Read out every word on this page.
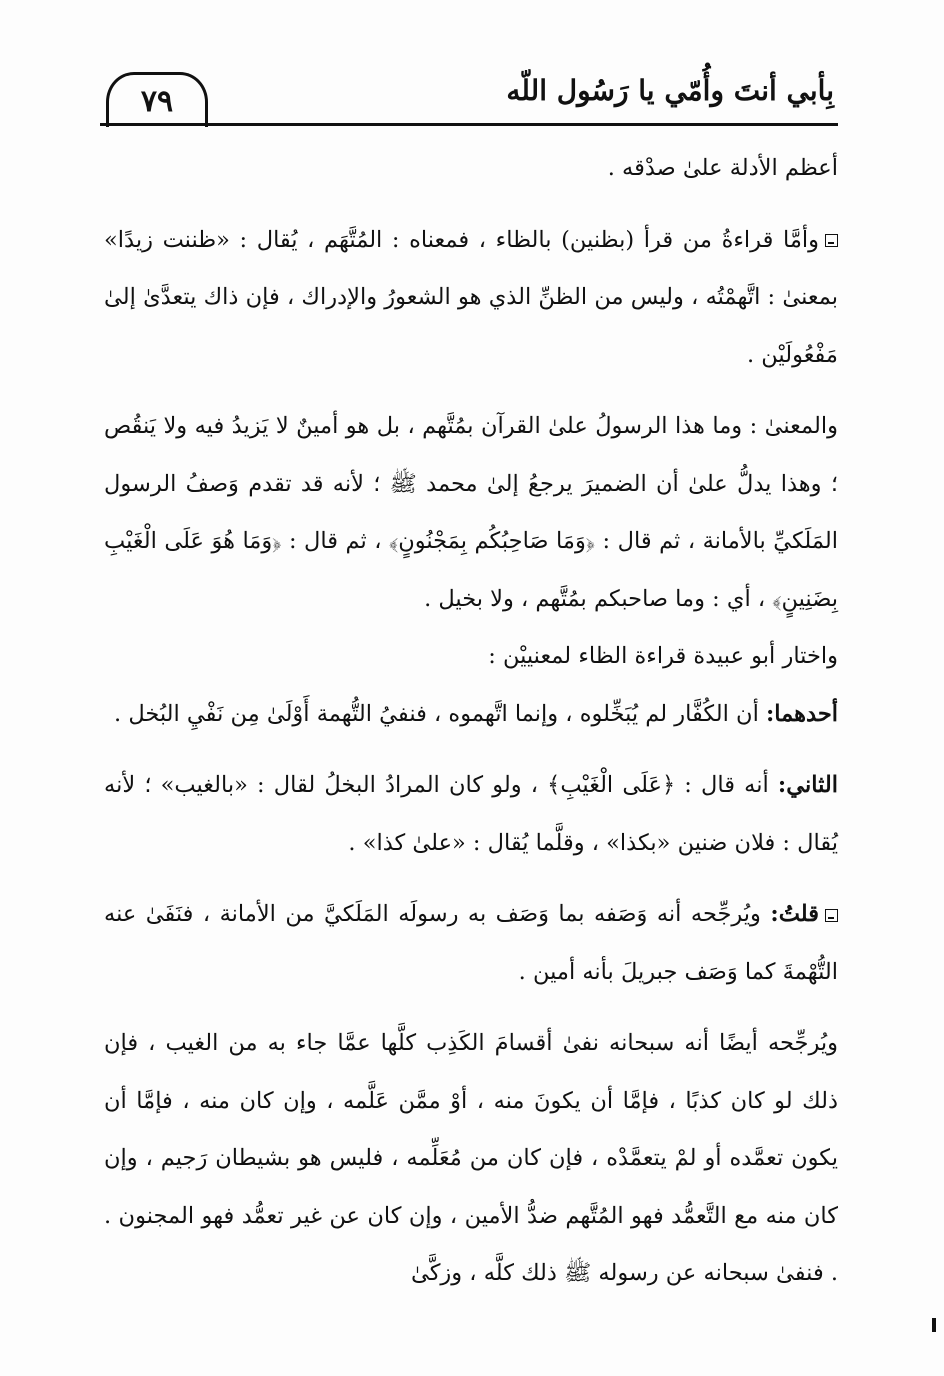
٧٩	بِأبي أنتَ وأُمّي يا رَسُول اللّه

أعظم الأدلة علىٰ صدْقه .

وأمَّا قراءةُ من قرأ (بظنين) بالظاء ، فمعناه : المُتَّهَم ، يُقال : «ظننت زيدًا» بمعنىٰ : اتَّهمْتُه ، وليس من الظنِّ الذي هو الشعورُ والإدراك ، فإن ذاك يتعدَّىٰ إلىٰ مَفْعُولَيْن .

والمعنىٰ : وما هذا الرسولُ علىٰ القرآن بمُتَّهم ، بل هو أمينٌ لا يَزيدُ فيه ولا يَنقُص ؛ وهذا يدلُّ علىٰ أن الضميرَ يرجعُ إلىٰ محمد ﷺ ؛ لأنه قد تقدم وَصفُ الرسول المَلَكيِّ بالأمانة ، ثم قال : ﴿وَمَا صَاحِبُكُم بِمَجْنُونٍ﴾ ، ثم قال : ﴿وَمَا هُوَ عَلَى الْغَيْبِ بِضَنِينٍ﴾ ، أي : وما صاحبكم بمُتَّهم ، ولا بخيل .

واختار أبو عبيدة قراءة الظاء لمعنييْن :

أحدهما: أن الكُفَّار لم يُبَخِّلوه ، وإنما اتَّهموه ، فنفيُ التُّهمة أَوْلَىٰ مِن نَفْيِ البُخل .

الثاني: أنه قال : ﴿عَلَى الْغَيْبِ﴾ ، ولو كان المرادُ البخلُ لقال : «بالغيب» ؛ لأنه يُقال : فلان ضنين «بكذا» ، وقلَّما يُقال : «علىٰ كذا» .

قلتُ: ويُرجِّحه أنه وَصَفه بما وَصَف به رسولَه المَلَكيَّ من الأمانة ، فنَفَىٰ عنه التُّهْمةَ كما وَصَف جبريلَ بأنه أمين .

ويُرجِّحه أيضًا أنه سبحانه نفىٰ أقسامَ الكَذِب كلَّها عمَّا جاء به من الغيب ، فإن ذلك لو كان كذبًا ، فإمَّا أن يكونَ منه ، أوْ ممَّن عَلَّمه ، وإن كان منه ، فإمَّا أن يكون تعمَّده أو لمْ يتعمَّدْه ، فإن كان من مُعَلِّمه ، فليس هو بشيطان رَجيم ، وإن كان منه مع التَّعمُّد فهو المُتَّهم ضدُّ الأمين ، وإن كان عن غير تعمُّد فهو المجنون . . فنفىٰ سبحانه عن رسوله ﷺ ذلك كلَّه ، وزكَّىٰ
